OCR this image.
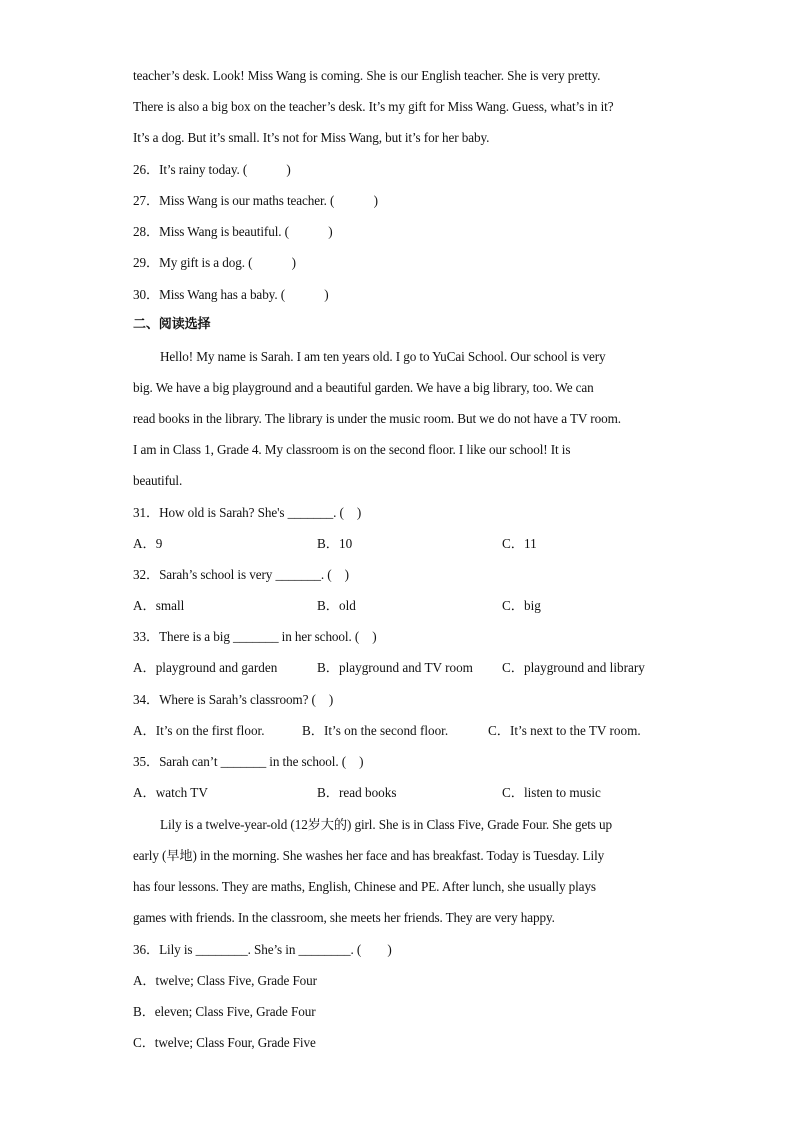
teacher’s desk. Look! Miss Wang is coming. She is our English teacher. She is very pretty.
There is also a big box on the teacher’s desk. It’s my gift for Miss Wang. Guess, what’s in it?
It’s a dog. But it’s small. It’s not for Miss Wang, but it’s for her baby.
26．It’s rainy today. (　　　)
27．Miss Wang is our maths teacher. (　　　)
28．Miss Wang is beautiful. (　　　)
29．My gift is a dog. (　　　)
30．Miss Wang has a baby. (　　　)
二、阅读选择
Hello! My name is Sarah. I am ten years old. I go to YuCai School. Our school is very
big. We have a big playground and a beautiful garden. We have a big library, too. We can
read books in the library. The library is under the music room. But we do not have a TV room.
I am in Class 1, Grade 4. My classroom is on the second floor. I like our school! It is
beautiful.
31．How old is Sarah? She's _______. (　)
A．9	B．10	C．11
32．Sarah’s school is very _______. (　)
A．small	B．old	C．big
33．There is a big _______ in her school. (　)
A．playground and garden	B．playground and TV room C．playground and library
34．Where is Sarah’s classroom? (　)
A．It’s on the first floor.	B．It’s on the second floor.	C．It’s next to the TV room.
35．Sarah can’t _______ in the school. (　)
A．watch TV	B．read books	C．listen to music
Lily is a twelve-year-old (12岁大的) girl. She is in Class Five, Grade Four. She gets up
early (早地) in the morning. She washes her face and has breakfast. Today is Tuesday. Lily
has four lessons. They are maths, English, Chinese and PE. After lunch, she usually plays
games with friends. In the classroom, she meets her friends. They are very happy.
36．Lily is ________. She’s in ________. (　　)
A．twelve; Class Five, Grade Four
B．eleven; Class Five, Grade Four
C．twelve; Class Four, Grade Five
